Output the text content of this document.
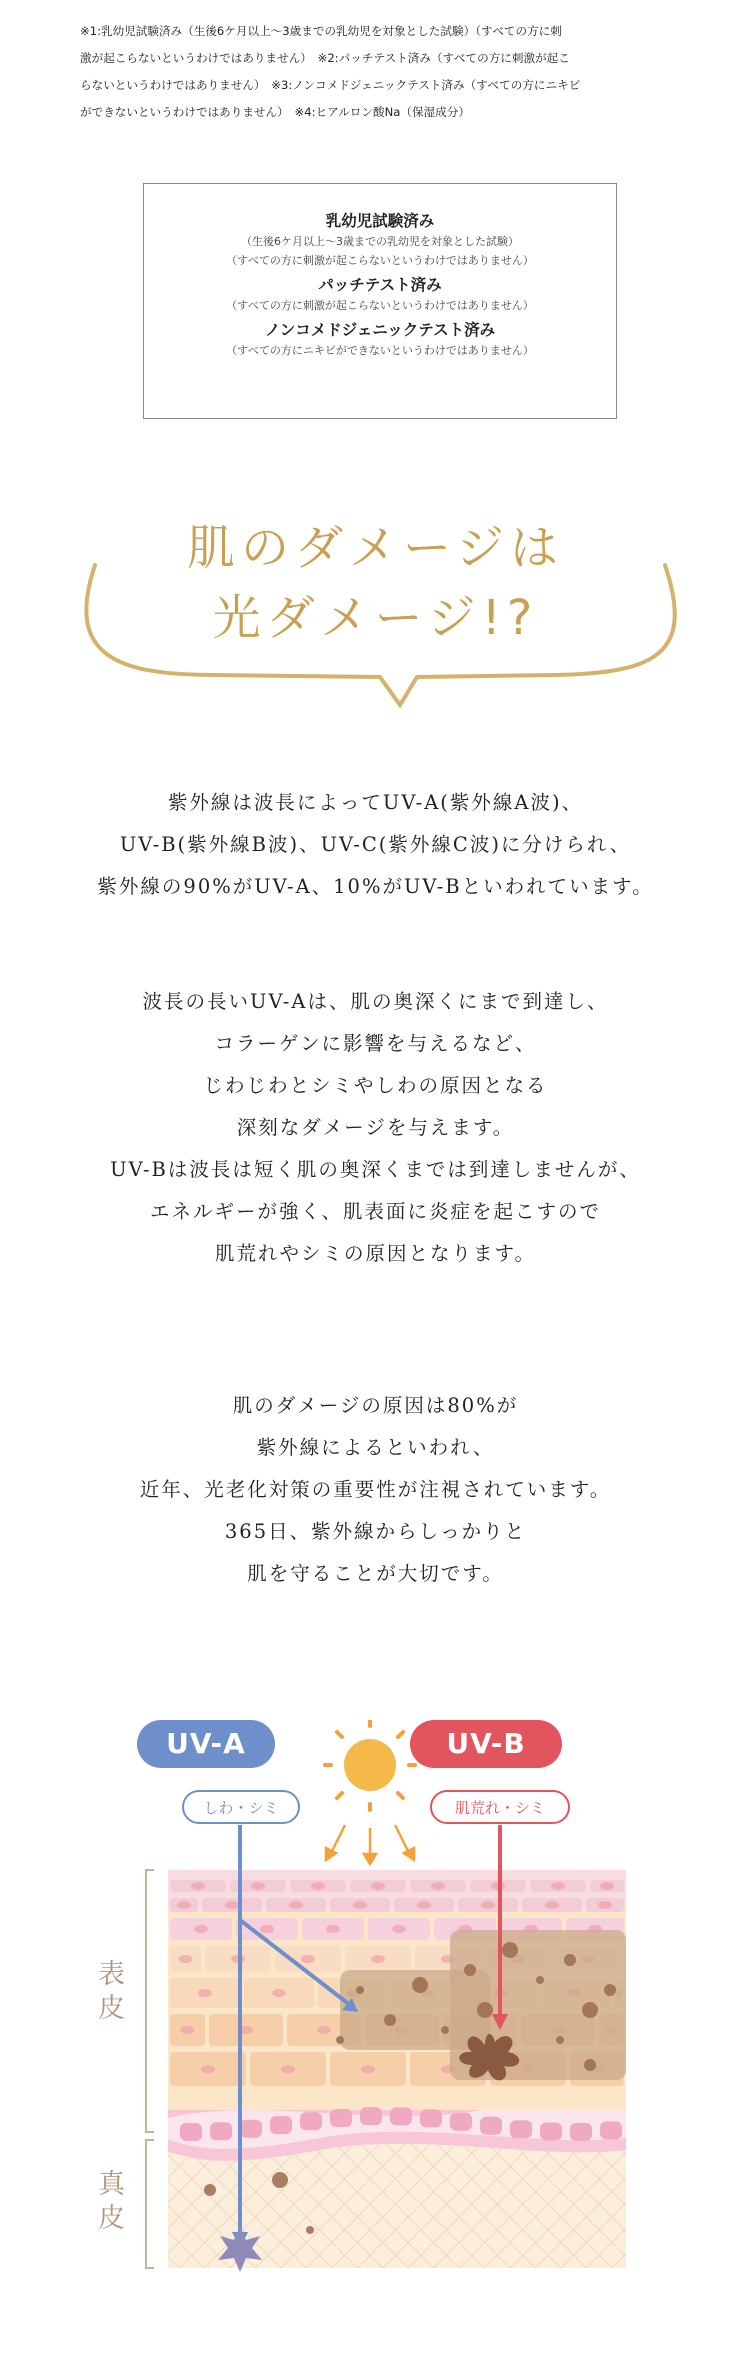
※1:乳幼児試験済み（生後6ケ月以上〜3歳までの乳幼児を対象とした試験）（すべての方に刺
激が起こらないというわけではありません）　※2:パッチテスト済み（すべての方に刺激が起こ
らないというわけではありません）　※3:ノンコメドジェニックテスト済み（すべての方にニキビ
ができないというわけではありません）　※4:ヒアルロン酸Na（保湿成分）
乳幼児試験済み
（生後6ケ月以上〜3歳までの乳幼児を対象とした試験）
（すべての方に刺激が起こらないというわけではありません）
パッチテスト済み
（すべての方に刺激が起こらないというわけではありません）
ノンコメドジェニックテスト済み
（すべての方にニキビができないというわけではありません）
肌のダメージは
光ダメージ!?
紫外線は波長によってUV-A(紫外線A波)、
UV-B(紫外線B波)、UV-C(紫外線C波)に分けられ、
紫外線の90%がUV-A、10%がUV-Bといわれています。
波長の長いUV-Aは、肌の奥深くにまで到達し、
コラーゲンに影響を与えるなど、
じわじわとシミやしわの原因となる
深刻なダメージを与えます。
UV-Bは波長は短く肌の奥深くまでは到達しませんが、
エネルギーが強く、肌表面に炎症を起こすので
肌荒れやシミの原因となります。
肌のダメージの原因は80%が
紫外線によるといわれ、
近年、光老化対策の重要性が注視されています。
365日、紫外線からしっかりと
肌を守ることが大切です。
UV-A	UV-B
しわ・シミ	肌荒れ・シミ
表
皮
真
皮
